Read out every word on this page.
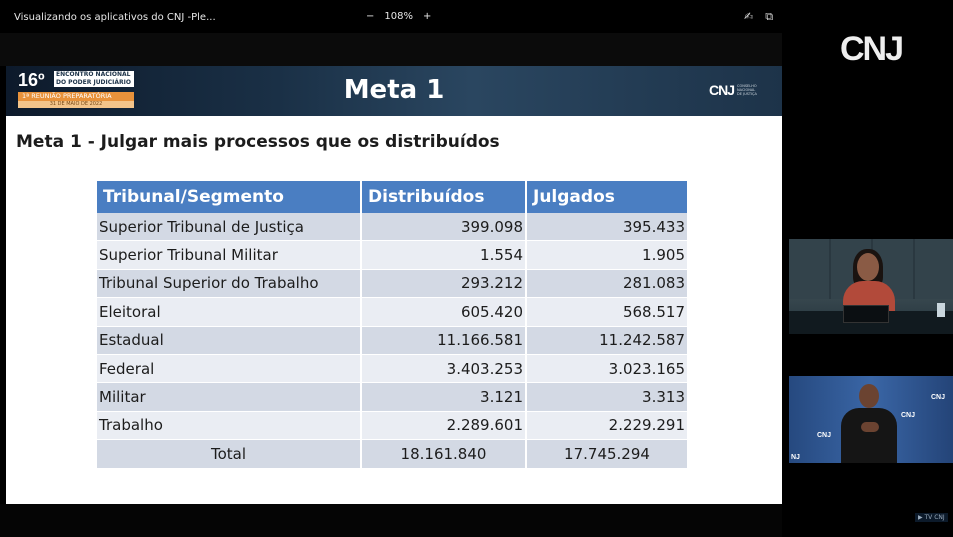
Visualizando os aplicativos do CNJ -Ple...	− 108% +	✍ ⧉
16º	ENCONTRO NACIONAL
DO PODER JUDICIÁRIO
1ª REUNIÃO PREPARATÓRIA
31 DE MAIO DE 2022	Meta 1	CNJ CONSELHO NACIONAL DE JUSTIÇA
Meta 1 - Julgar mais processos que os distribuídos
Tribunal/Segmento	Distribuídos	Julgados
Superior Tribunal de Justiça	399.098	395.433
Superior Tribunal Militar	1.554	1.905
Tribunal Superior do Trabalho	293.212	281.083
Eleitoral	605.420	568.517
Estadual	11.166.581	11.242.587
Federal	3.403.253	3.023.165
Militar	3.121	3.313
Trabalho	2.289.601	2.229.291
Total	18.161.840	17.745.294
CNJ
CNJ
CNJ
CNJ
NJ
▶ TV CNJ
